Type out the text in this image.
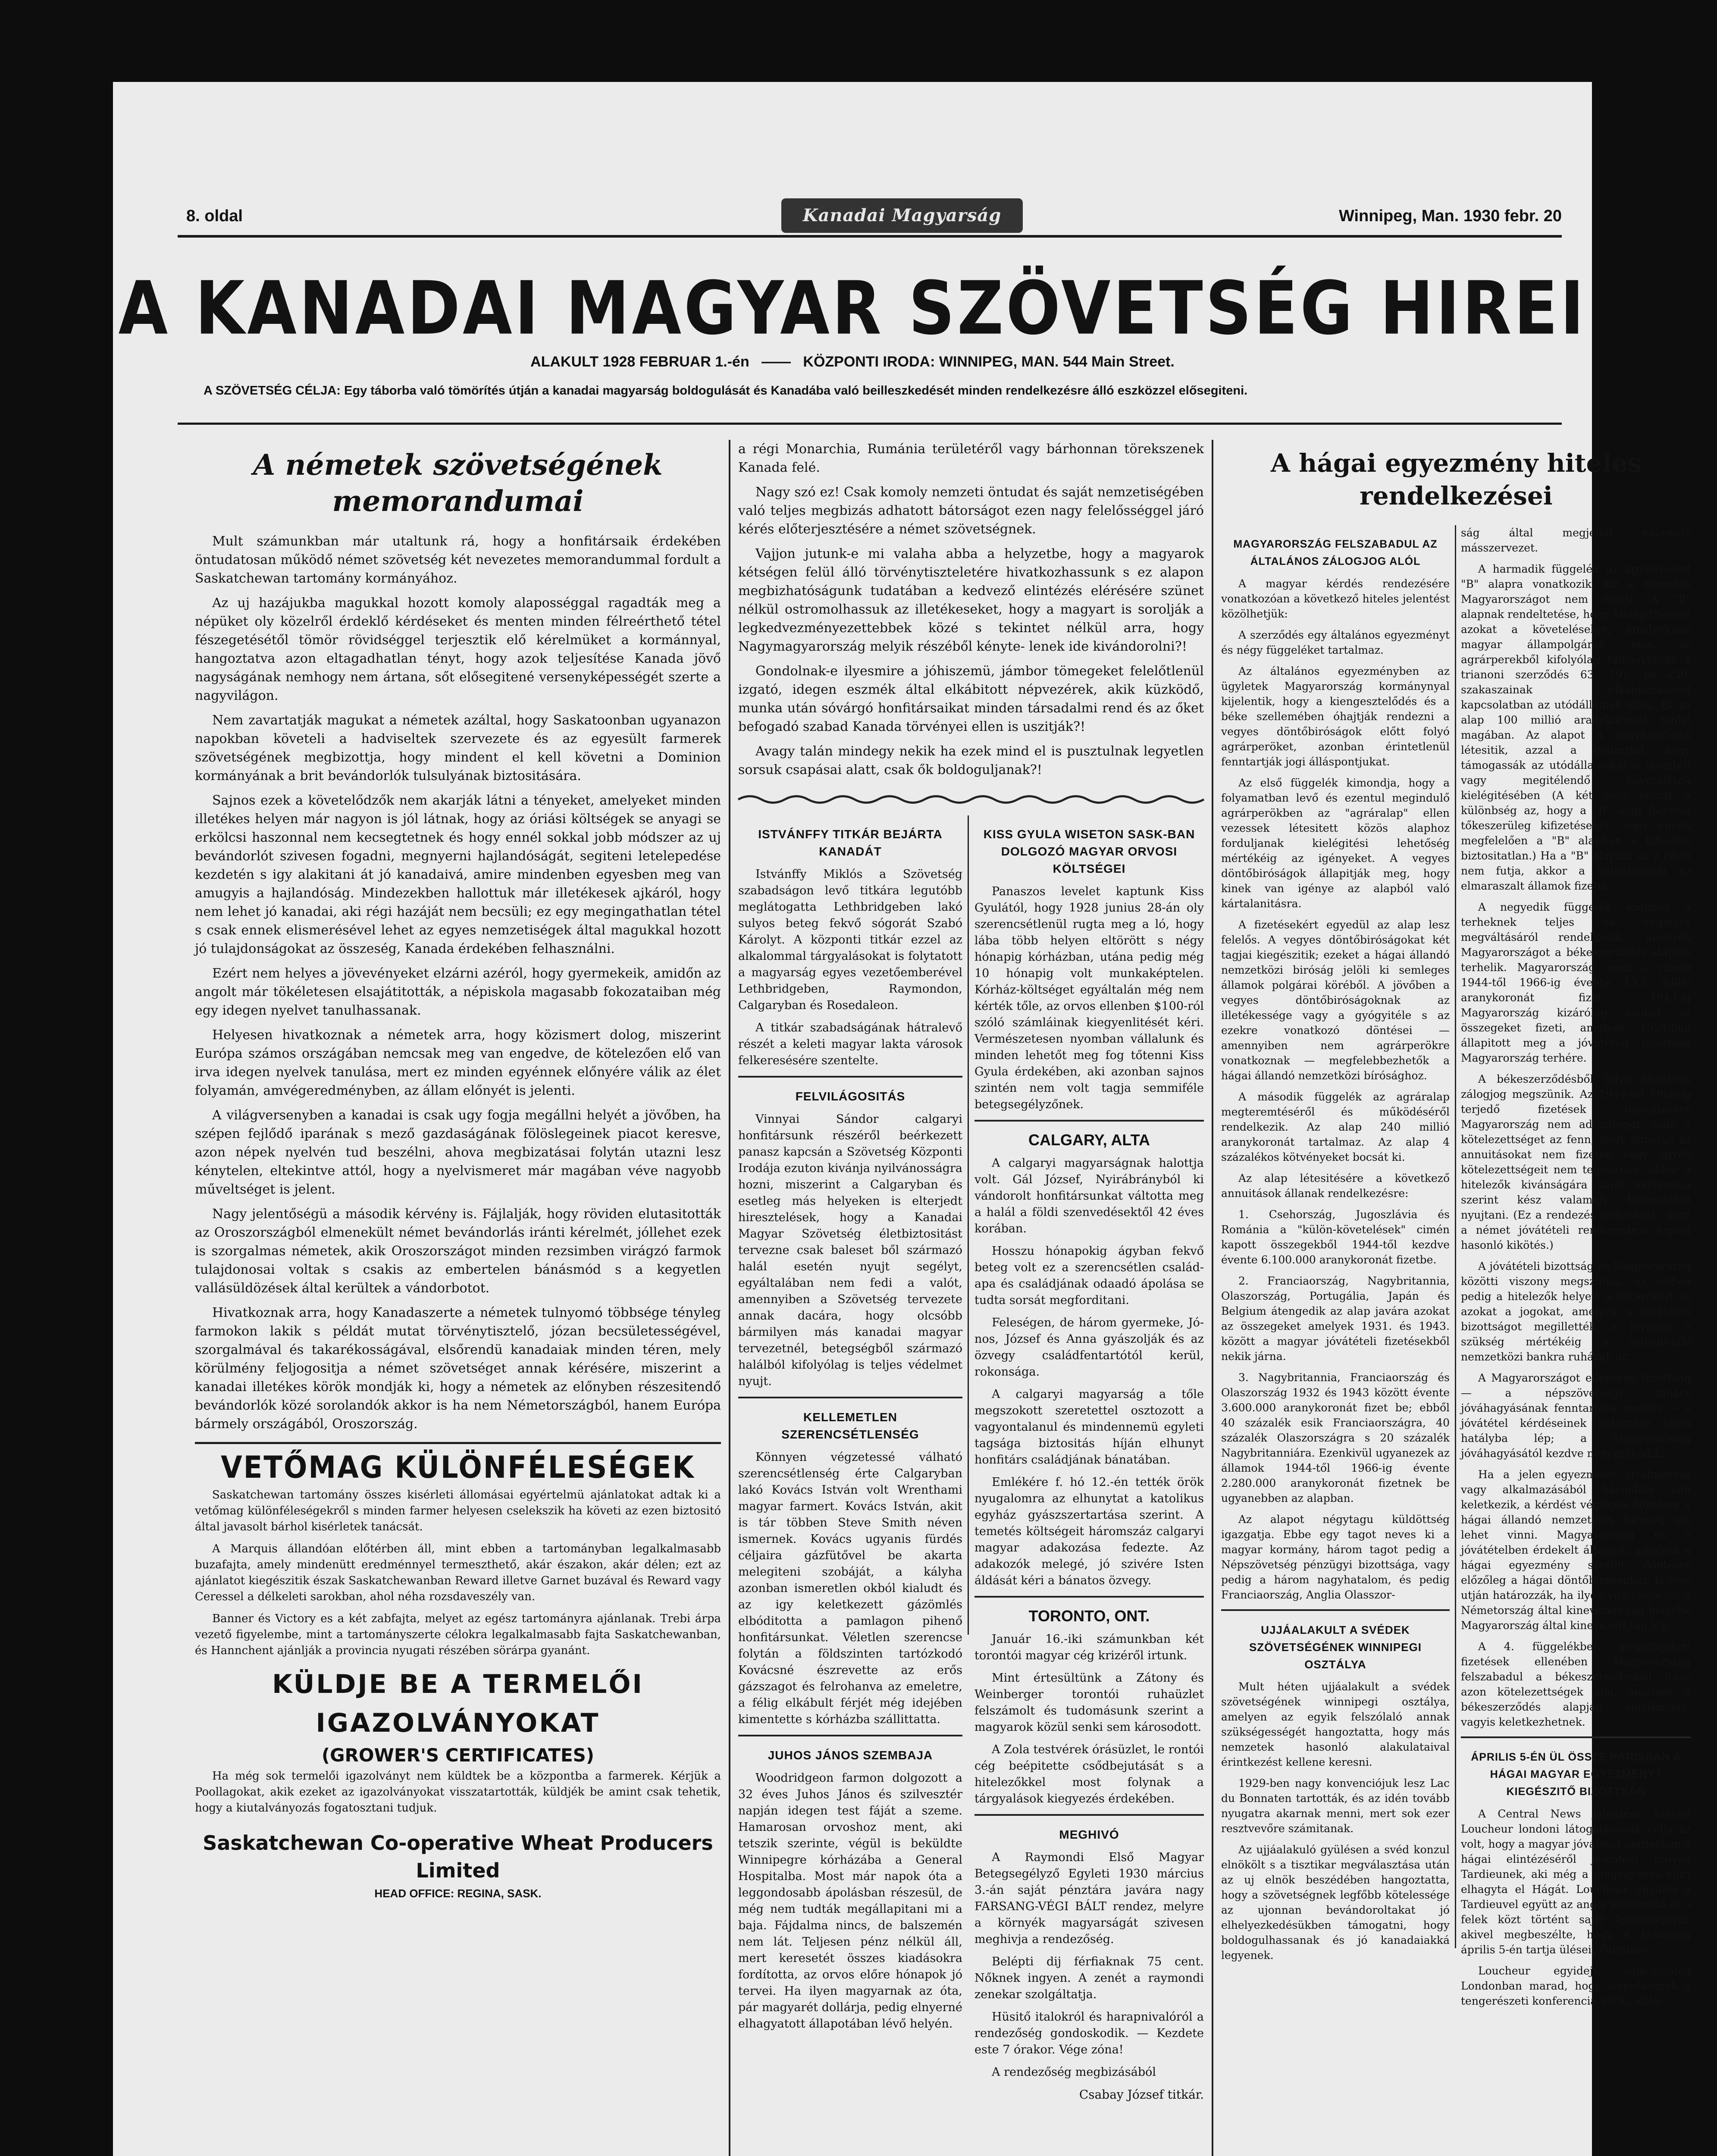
8. oldal	Kanadai Magyarság	Winnipeg, Man. 1930 febr. 20
A KANADAI MAGYAR SZÖVETSÉG HIREI
ALAKULT 1928 FEBRUAR 1.-én   ——   KÖZPONTI IRODA: WINNIPEG, MAN. 544 Main Street.
A SZÖVETSÉG CÉLJA: Egy táborba való tömörítés útján a kanadai magyarság boldogulását és Kanadába való beilleszkedését minden rendelkezésre álló eszközzel elősegiteni.
A németek szövetségének memorandumai

Mult számunkban már utaltunk rá, hogy a honfitársaik érdekében öntudatosan működő német szövetség két nevezetes memorandummal fordult a Saskatchewan tartomány kormányához.

Az uj hazájukba magukkal hozott komoly alaposséggal ragadták meg a népüket oly közelről érdeklő kérdéseket és menten minden félreérthető tétel fészegetésétől tömör rövidséggel terjesztik elő kérelmüket a kormánnyal, hangoztatva azon eltagadhatlan tényt, hogy azok teljesítése Kanada jövő nagyságának nemhogy nem ártana, sőt elősegitené versenyképességét szerte a nagyvilágon.

Nem zavartatják magukat a németek azáltal, hogy Saskatoonban ugyanazon napokban követeli a hadviseltek szervezete és az egyesült farmerek szövetségének megbizottja, hogy mindent el kell követni a Dominion kormányának a brit bevándorlók tulsulyának biztositására.

Sajnos ezek a követelődzők nem akarják látni a tényeket, amelyeket minden illetékes helyen már nagyon is jól látnak, hogy az óriási költségek se anyagi se erkölcsi haszonnal nem kecsegtetnek és hogy ennél sokkal jobb módszer az uj bevándorlót szivesen fogadni, megnyerni hajlandóságát, segiteni letelepedése kezdetén s igy alakitani át jó kanadaivá, amire mindenben egyesben meg van amugyis a hajlandóság. Mindezekben hallottuk már illetékesek ajkáról, hogy nem lehet jó kanadai, aki régi hazáját nem becsüli; ez egy megingathatlan tétel s csak ennek elismerésével lehet az egyes nemzetiségek által magukkal hozott jó tulajdonságokat az összeség, Kanada érdekében felhasználni.

Ezért nem helyes a jövevényeket elzárni azéról, hogy gyermekeik, amidőn az angolt már tökéletesen elsajátitották, a népiskola magasabb fokozataiban még egy idegen nyelvet tanulhassanak.

Helyesen hivatkoznak a németek arra, hogy közismert dolog, miszerint Európa számos országában nemcsak meg van engedve, de kötelezően elő van irva idegen nyelvek tanulása, mert ez minden egyénnek előnyére válik az élet folyamán, amvégeredményben, az állam előnyét is jelenti.

A világversenyben a kanadai is csak ugy fogja megállni helyét a jövőben, ha szépen fejlődő iparának s mező gazdaságának fölöslegeinek piacot keresve, azon népek nyelvén tud beszélni, ahova megbizatásai folytán utazni lesz kénytelen, eltekintve attól, hogy a nyelvismeret már magában véve nagyobb műveltséget is jelent.

Nagy jelentőségü a második kérvény is. Fájlalják, hogy röviden elutasitották az Oroszországból elmenekült német bevándorlás iránti kérelmét, jóllehet ezek is szorgalmas németek, akik Oroszországot minden rezsimben virágzó farmok tulajdonosai voltak s csakis az embertelen bánásmód s a kegyetlen vallásüldözések által kerültek a vándorbotot.

Hivatkoznak arra, hogy Kanadaszerte a németek tulnyomó többsége tényleg farmokon lakik s példát mutat törvénytisztelő, józan becsületességével, szorgalmával és takarékosságával, elsőrendü kanadaiak minden téren, mely körülmény feljogositja a német szövetséget annak kérésére, miszerint a kanadai illetékes körök mondják ki, hogy a németek az előnyben részesitendő bevándorlók közé sorolandók akkor is ha nem Németországból, hanem Európa bármely országából, Oroszország.

VETŐMAG KÜLÖNFÉLESÉGEK

Saskatchewan tartomány összes kisérleti állomásai egyértelmü ajánlatokat adtak ki a vetőmag különféleségekről s minden farmer helyesen cselekszik ha követi az ezen biztositó által javasolt bárhol kisérletek tanácsát.

A Marquis állandóan előtérben áll, mint ebben a tartományban legalkalmasabb buzafajta, amely mindenütt eredménnyel termeszthető, akár északon, akár délen; ezt az ajánlatot kiegészitik észak Saskatchewanban Reward illetve Garnet buzával és Reward vagy Ceressel a délkeleti sarokban, ahol néha rozsdaveszély van.

Banner és Victory es a két zabfajta, melyet az egész tartományra ajánlanak. Trebi árpa vezető figyelembe, mint a tartományszerte célokra legalkalmasabb fajta Saskatchewanban, és Hannchent ajánlják a provincia nyugati részében sörárpa gyanánt.

KÜLDJE BE A TERMELŐI
IGAZOLVÁNYOKAT
(GROWER'S CERTIFICATES)

Ha még sok termelői igazolványt nem küldtek be a központba a farmerek. Kérjük a Poollagokat, akik ezeket az igazolványokat visszatartották, küldjék be amint csak tehetik, hogy a kiutalványozás fogatosztani tudjuk.

Saskatchewan Co-operative Wheat Producers Limited
HEAD OFFICE: REGINA, SASK.

a régi Monarchia, Rumánia területéről vagy bárhonnan törekszenek Kanada felé.

Nagy szó ez! Csak komoly nemzeti öntudat és saját nemzetiségében való teljes megbizás adhatott bátorságot ezen nagy felelősséggel járó kérés előterjesztésére a német szövetségnek.

Vajjon jutunk-e mi valaha abba a helyzetbe, hogy a magyarok kétségen felül álló törvénytiszteletére hivatkozhassunk s ez alapon megbizhatóságunk tudatában a kedvező elintézés elérésére szünet nélkül ostromolhassuk az illetékeseket, hogy a magyart is sorolják a legkedvezményezettebbek közé s tekintet nélkül arra, hogy Nagymagyarország melyik részéből kényte- lenek ide kivándorolni?!

Gondolnak-e ilyesmire a jóhiszemü, jámbor tömegeket felelőtlenül izgató, idegen eszmék által elkábitott népvezérek, akik küzködő, munka után sóvárgó honfitársaikat minden társadalmi rend és az őket befogadó szabad Kanada törvényei ellen is uszitják?!

Avagy talán mindegy nekik ha ezek mind el is pusztulnak legyetlen sorsuk csapásai alatt, csak ők boldoguljanak?!

ISTVÁNFFY TITKÁR BEJÁRTA KANADÁT

Istvánffy Miklós a Szövetség szabadságon levő titkára legutóbb meglátogatta Lethbridgeben lakó sulyos beteg fekvő sógorát Szabó Károlyt. A központi titkár ezzel az alkalommal tárgyalásokat is folytatott a magyarság egyes vezetőemberével Lethbridgeben, Raymondon, Calgaryban és Rosedaleon.

A titkár szabadságának hátralevő részét a keleti magyar lakta városok felkeresésére szentelte.

FELVILÁGOSITÁS

Vinnyai Sándor calgaryi honfitársunk részéről beérkezett panasz kapcsán a Szövetség Központi Irodája ezuton kivánja nyilvánosságra hozni, miszerint a Calgaryban és esetleg más helyeken is elterjedt hiresztelések, hogy a Kanadai Magyar Szövetség életbiztositást tervezne csak baleset ből származó halál esetén nyujt segélyt, egyáltalában nem fedi a valót, amennyiben a Szövetség tervezete annak dacára, hogy olcsóbb bármilyen más kanadai magyar tervezetnél, betegségből származó halálból kifolyólag is teljes védelmet nyujt.

KELLEMETLEN SZERENCSÉTLENSÉG

Könnyen végzetessé válható szerencsétlenség érte Calgaryban lakó Kovács István volt Wrenthami magyar farmert. Kovács István, akit is tár többen Steve Smith néven ismernek. Kovács ugyanis fürdés céljaira gázfütővel be akarta melegiteni szobáját, a kályha azonban ismeretlen okból kialudt és az igy keletkezett gázömlés elbóditotta a pamlagon pihenő honfitársunkat. Véletlen szerencse folytán a földszinten tartózkodó Kovácsné észrevette az erős gázszagot és felrohanva az emeletre, a félig elkábult férjét még idejében kimentette s kórházba szállittatta.

JUHOS JÁNOS SZEMBAJA

Woodridgeon farmon dolgozott a 32 éves Juhos János és szilvesztér napján idegen test fáját a szeme. Hamarosan orvoshoz ment, aki tetszik szerinte, végül is beküldte Winnipegre kórházába a General Hospitalba. Most már napok óta a leggondosabb ápolásban részesül, de még nem tudták megállapitani mi a baja. Fájdalma nincs, de balszemén nem lát. Teljesen pénz nélkül áll, mert keresetét összes kiadásokra fordította, az orvos előre hónapok jó tervei. Ha ilyen magyarnak az óta, pár magyarét dollárja, pedig elnyerné elhagyatott állapotában lévő helyén.

KISS GYULA WISETON SASK-BAN DOLGOZÓ MAGYAR ORVOSI KÖLTSÉGEI

Panaszos levelet kaptunk Kiss Gyulától, hogy 1928 junius 28-án oly szerencsétlenül rugta meg a ló, hogy lába több helyen eltörött s négy hónapig kórházban, utána pedig még 10 hónapig volt munkaképtelen. Kórház-költséget egyáltalán még nem kérték tőle, az orvos ellenben $100-ról szóló számláinak kiegyenlitését kéri. Vermészetesen nyomban vállalunk és minden lehetőt meg fog tőtenni Kiss Gyula érdekében, aki azonban sajnos szintén nem volt tagja semmiféle betegsegélyzőnek.

CALGARY, ALTA

A calgaryi magyarságnak halottja volt. Gál József, Nyirábrányból ki vándorolt honfitársunkat váltotta meg a halál a földi szenvedésektől 42 éves korában.

Hosszu hónapokig ágyban fekvő beteg volt ez a szerencsétlen család- apa és családjának odaadó ápolása se tudta sorsát megforditani.

Feleségen, de három gyermeke, Jó- nos, József és Anna gyászolják és az özvegy családfentartótól kerül, rokonsága.

A calgaryi magyarság a tőle megszokott szeretettel osztozott a vagyontalanul és mindennemü egyleti tagsága biztositás híján elhunyt honfitárs családjának bánatában.

Emlékére f. hó 12.-én tették örök nyugalomra az elhunytat a katolikus egyház gyászszertartása szerint. A temetés költségeit háromszáz calgaryi magyar adakozása fedezte. Az adakozók melegé, jó szivére Isten áldását kéri a bánatos özvegy.

TORONTO, ONT.

Január 16.-iki számunkban két torontói magyar cég krizéről irtunk.

Mint értesültünk a Zátony és Weinberger torontói ruhaüzlet felszámolt és tudomásunk szerint a magyarok közül senki sem károsodott.

A Zola testvérek órásüzlet, le rontói cég beépitette csődbejutását s a hitelezőkkel most folynak a tárgyalások kiegyezés érdekében.

MEGHIVÓ

A Raymondi Első Magyar Betegsegélyző Egyleti 1930 március 3.-án saját pénztára javára nagy FARSANG-VÉGI BÁLT rendez, melyre a környék magyarságát szivesen meghivja a rendezőség.

Belépti dij férfiaknak 75 cent. Nőknek ingyen. A zenét a raymondi zenekar szolgáltatja.

Hüsitő italokról és harapnivalóról a rendezőség gondoskodik. — Kezdete este 7 órakor. Vége zóna!

A rendezőség megbizásából

Csabay József titkár.
A hágai egyezmény hiteles rendelkezései
MAGYARORSZÁG FELSZABADUL AZ ÁLTALÁNOS ZÁLOGJOG ALÓL

A magyar kérdés rendezésére vonatkozóan a következő hiteles jelentést közölhetjük:

A szerződés egy általános egyezményt és négy függeléket tartalmaz.

Az általános egyezményben az ügyletek Magyarország kormánynyal kijelentik, hogy a kiengesztelődés és a béke szellemében óhajtják rendezni a vegyes döntőbiróságok előtt folyó agrárperöket, azonban érintetlenül fenntartják jogi álláspontjukat.

Az első függelék kimondja, hogy a folyamatban levő és ezentul megindulő agrárperökben az "agráralap" ellen vezessek létesitett közös alaphoz forduljanak kielégitési lehetőség mértékéig az igényeket. A vegyes döntőbiróságok állapitják meg, hogy kinek van igénye az alapból való kártalanitásra.

A fizetésekért egyedül az alap lesz felelős. A vegyes döntőbiróságokat két tagjai kiegészitik; ezeket a hágai állandó nemzetközi biróság jelöli ki semleges államok polgárai köréből. A jövőben a vegyes döntőbiróságoknak az illetékessége vagy a gyógyitéle s az ezekre vonatkozó döntései — amennyiben nem agrárperökre vonatkoznak — megfelebbezhetők a hágai állandó nemzetközi bírósághoz.

A második függelék az agráralap megteremtéséről és működéséről rendelkezik. Az alap 240 millió aranykoronát tartalmaz. Az alap 4 százalékos kötvényeket bocsát ki.

Az alap létesitésére a következő annuitások állanak rendelkezésre:

1. Csehország, Jugoszlávia és Románia a "külön-követelések" cimén kapott összegekből 1944-től kezdve évente 6.100.000 aranykoronát fizetbe.

2. Franciaország, Nagybritannia, Olaszország, Portugália, Japán és Belgium átengedik az alap javára azokat az összegeket amelyek 1931. és 1943. között a magyar jóvátételi fizetésekből nekik járna.

3. Nagybritannia, Franciaország és Olaszország 1932 és 1943 között évente 3.600.000 aranykoronát fizet be; ebből 40 százalék esik Franciaországra, 40 százalék Olaszországra s 20 százalék Nagybritanniára. Ezenkivül ugyanezek az államok 1944-től 1966-ig évente 2.280.000 aranykoronát fizetnek be ugyanebben az alapban.

Az alapot négytagu küldöttség igazgatja. Ebbe egy tagot neves ki a magyar kormány, három tagot pedig a Népszövetség pénzügyi bizottsága, vagy pedig a három nagyhatalom, és pedig Franciaország, Anglia Olasszor-

UJJÁALAKULT A SVÉDEK SZÖVETSÉGÉNEK WINNIPEGI OSZTÁLYA

Mult héten ujjáalakult a svédek szövetségének winnipegi osztálya, amelyen az egyik felszólaló annak szükségességét hangoztatta, hogy más nemzetek hasonló alakulataival érintkezést kellene keresni.

1929-ben nagy konvenciójuk lesz Lac du Bonnaten tartották, és az idén tovább nyugatra akarnak menni, mert sok ezer resztvevőre számitanak.

Az ujjáalakuló gyülésen a svéd konzul elnökölt s a tisztikar megválasztása után az uj elnök beszédében hangoztatta, hogy a szövetségnek legfőbb kötelessége az ujonnan bevándoroltakat jó elhelyezkedésükben támogatni, hogy boldogulhassanak és jó kanadaiakká legyenek.

ság által megjelölt valamely másszervezet.

A harmadik függelék az ugynevezett "B" alapra vonatkozik. Ez a függelék Magyarországot nem érinti. A "B" alapnak rendeltetése, hogy kielégithessék azokat a követeléseket, amelyeknek magyar állampolgárok nem az agrárperekből kifolyólag támasztanak a trianoni szerződés 63. 191. és 250. szakaszainak alkalmazásával kapcsolatban az utódállamok ellen. Ez az alap 100 millió aranykoronát foglal magában. Az alapot a nagyhatalmak létesitik, azzal a céllzattal, hogy támogassák az utódállamokat a megitélt vagy megitélendő követelések kielégitésében (A két alap között a különbség az, hogy a "B" alap forrásai tőkeszerüleg kifizetéseket, hogy ennek megfelelően a "B" alapban a kifizetés biztositatlan.) Ha a "B" alapból ez a célra nem futja, akkor a különbözetet az elmaraszalt államok fizetik.

A negyedik függelék azoknak a terheknek teljes és végleges megváltásáról rendelkezik, amelyek Magyarországot a békeszerződés alapján terhelik. Magyarország ezen a címen 1944-től 1966-ig évente 13.5 millió aranykoronát fizet. 1943-ig Magyarország kizárólag azokat az összegeket fizeti, amelyek 1924-ben állapitott meg a jóvátételi bizottság Magyarország terhére.

A békeszerződésből folyó általános zálogjog megszünik. Az 1944-től 1966-ig terjedő fizetések teljesitésére Magyarország nem ad zálogot, csak a kötelezettséget az fenn, hogy annyian az annuitásokat nem fizetné vagy egyéb kötelezettségeit nem teljesitené, akkor a hitelezők kivánságára saját választása szerint kész valamely biztositékot nyujtani. (Ez a rendezés kedvezőbb, mint a német jóvátételi rendezésben foglalt hasonló kikötés.)

A jóvátételi bizottság és Magyarország közötti viszony megszünik. Az ebben pedig a hitelezők helyett a határokért és azokat a jogokat, amelyek a jóvátételi bizottságot megillették, a jövőben a szükség mértékéig a létesitendő nemzetközi bankra ruházák át.

A Magyarországot ellenőrző bizottság — a népszövetségi tanács jóváhagyásának fenntartása mellett — a jóvátétel kérdéseinek eldöntése utáni hatályba lép; a Magyarország jóváhagyásától kezdve nem működik.

Ha a jelen egyezmény értelmezése vagy alkalmazásából bármiféle vita keletkezik, a kérdést végleges döntésre a hágai állandó nemzetközi biróság elé lehet vinni. Magyarország és a jóvátételben érdekelt államok, amelyek a hágai egyezmény szerint döntésre előzőleg a hágai döntőbiróságban is lévő utján határozzák, ha ilyen vita előfordul a Németország által kinevezett tag helyébe Magyarország által kinevezett tag lép.

A 4. függelékben megállapitott fizetések ellenében Magyarország felszabadul a békeszerződésből folyó azon kötelezettségek alól, amelyek a békeszerződés alapján keletkeztek, vagyis keletkezhetnek.

ÁPRILIS 5-ÉN ÜL ÖSSZE PÁRISBAN A HÁGAI MAGYAR EGYEZMÉNYT KIEGÉSZITŐ BIZOTTSÁG

A Central News jelentése szerint Loucheur londoni látogatásának célja az volt, hogy a magyar jóvátétel kérdésben a hágai elintézéséről jelentést tegyen Tardieunek, aki még a megegyezés előtt elhagyta el Hágát. Loucheur ugyanis a Tardieuvel együtt az angol kiegészitő és a felek közt történt sajtó igazgatójával, akivel megbeszélte, hogy a bizottság április 5-én tartja üléseit Párisban.

Loucheur egyidejü valószinüleg Londonban marad, hogy segédkezzék a tengerészeti konferencia körül, külö-
